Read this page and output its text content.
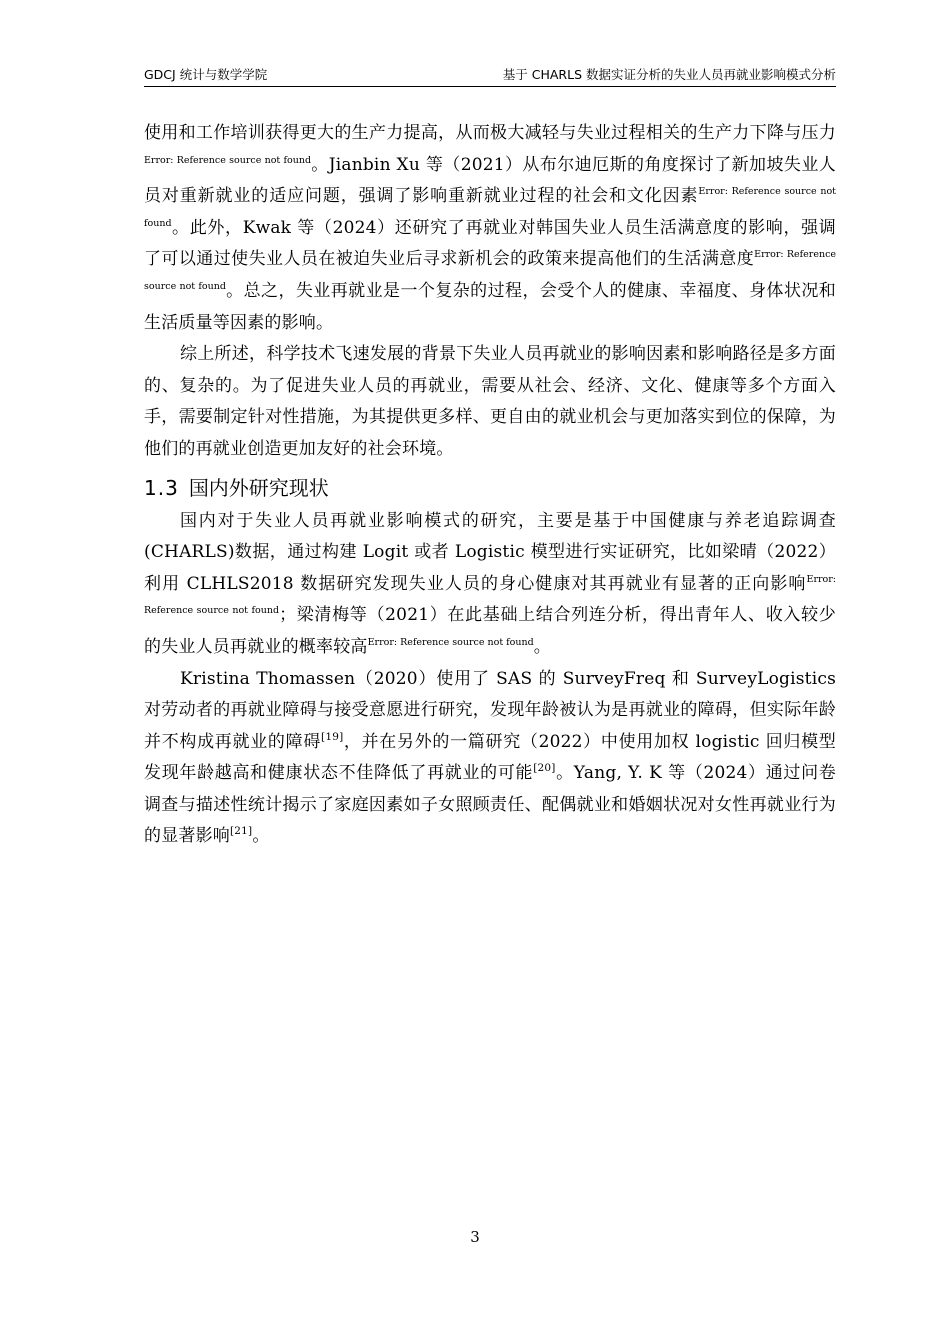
GDCJ 统计与数学学院	基于 CHARLS 数据实证分析的失业人员再就业影响模式分析

使用和工作培训获得更大的生产力提高，从而极大减轻与失业过程相关的生产力下降与压力$^{Error: Reference source not found}$。Jianbin Xu 等（2021）从布尔迪厄斯的角度探讨了新加坡失业人员对重新就业的适应问题，强调了影响重新就业过程的社会和文化因素$^{Error: Reference source not found}$。此外，Kwak 等（2024）还研究了再就业对韩国失业人员生活满意度的影响，强调了可以通过使失业人员在被迫失业后寻求新机会的政策来提高他们的生活满意度$^{Error: Reference source not found}$。总之，失业再就业是一个复杂的过程，会受个人的健康、幸福度、身体状况和生活质量等因素的影响。

综上所述，科学技术飞速发展的背景下失业人员再就业的影响因素和影响路径是多方面的、复杂的。为了促进失业人员的再就业，需要从社会、经济、文化、健康等多个方面入手，需要制定针对性措施，为其提供更多样、更自由的就业机会与更加落实到位的保障，为他们的再就业创造更加友好的社会环境。

1.3 国内外研究现状

国内对于失业人员再就业影响模式的研究，主要是基于中国健康与养老追踪调查(CHARLS)数据，通过构建 Logit 或者 Logistic 模型进行实证研究，比如梁晴（2022）利用 CLHLS2018 数据研究发现失业人员的身心健康对其再就业有显著的正向影响$^{Error: Reference source not found}$；梁清梅等（2021）在此基础上结合列连分析，得出青年人、收入较少的失业人员再就业的概率较高$^{Error: Reference source not found}$。

Kristina Thomassen（2020）使用了 SAS 的 SurveyFreq 和 SurveyLogistics 对劳动者的再就业障碍与接受意愿进行研究，发现年龄被认为是再就业的障碍，但实际年龄并不构成再就业的障碍[19]，并在另外的一篇研究（2022）中使用加权 logistic 回归模型发现年龄越高和健康状态不佳降低了再就业的可能[20]。Yang, Y. K 等（2024）通过问卷调查与描述性统计揭示了家庭因素如子女照顾责任、配偶就业和婚姻状况对女性再就业行为的显著影响[21]。

3
